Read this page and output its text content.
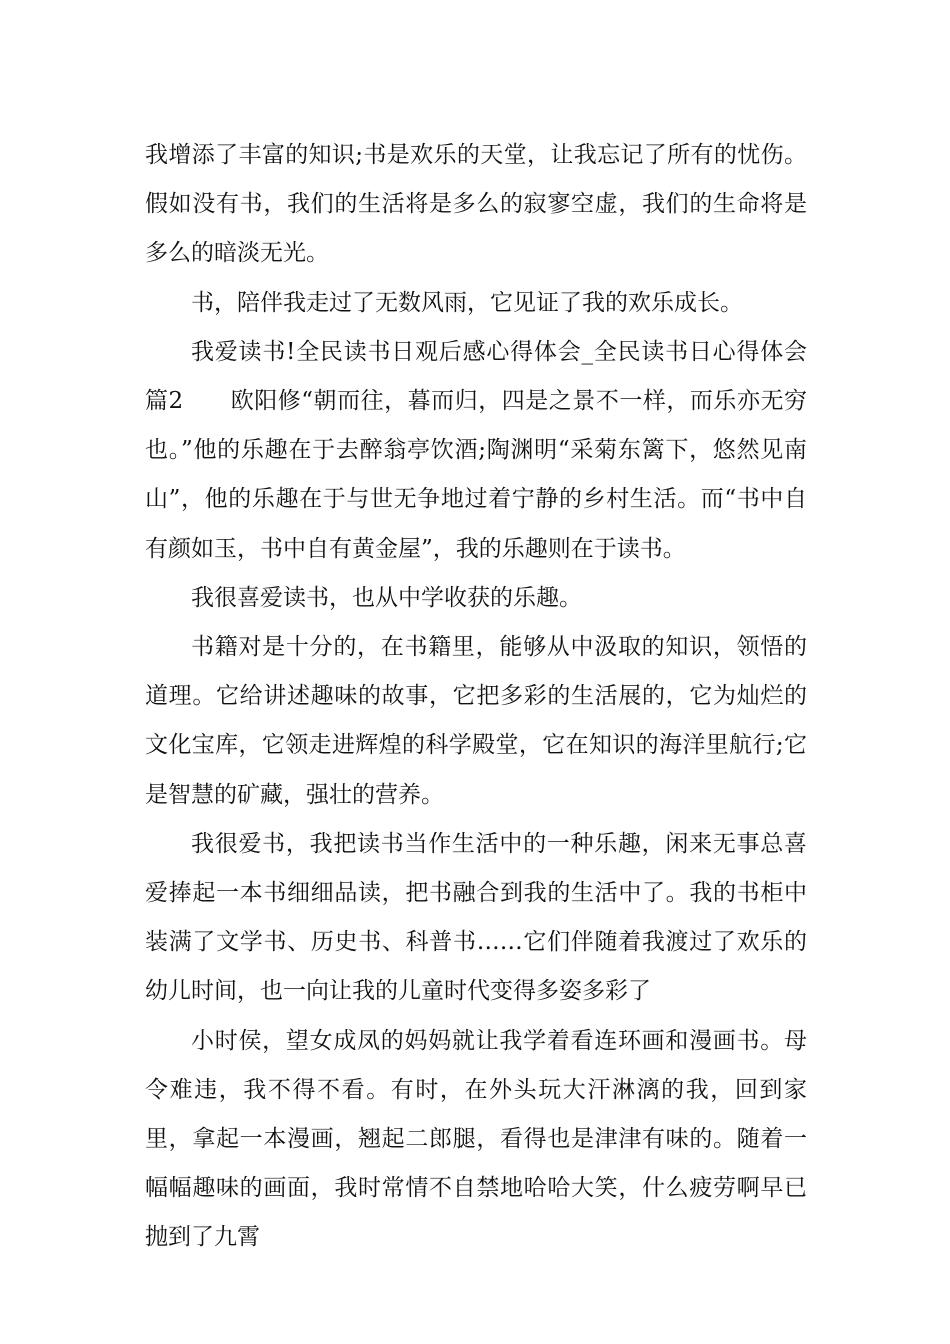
我增添了丰富的知识;书是欢乐的天堂，让我忘记了所有的忧伤。假如没有书，我们的生活将是多么的寂寥空虚，我们的生命将是多么的暗淡无光。

书，陪伴我走过了无数风雨，它见证了我的欢乐成长。

我爱读书!全民读书日观后感心得体会_全民读书日心得体会 篇2　　欧阳修“朝而往，暮而归，四是之景不一样，而乐亦无穷也。”他的乐趣在于去醉翁亭饮酒;陶渊明“采菊东篱下，悠然见南山”，他的乐趣在于与世无争地过着宁静的乡村生活。而“书中自有颜如玉，书中自有黄金屋”，我的乐趣则在于读书。

我很喜爱读书，也从中学收获的乐趣。

书籍对是十分的，在书籍里，能够从中汲取的知识，领悟的道理。它给讲述趣味的故事，它把多彩的生活展的，它为灿烂的文化宝库，它领走进辉煌的科学殿堂，它在知识的海洋里航行;它是智慧的矿藏，强壮的营养。

我很爱书，我把读书当作生活中的一种乐趣，闲来无事总喜爱捧起一本书细细品读，把书融合到我的生活中了。我的书柜中装满了文学书、历史书、科普书……它们伴随着我渡过了欢乐的幼儿时间，也一向让我的儿童时代变得多姿多彩了

小时侯，望女成凤的妈妈就让我学着看连环画和漫画书。母令难违，我不得不看。有时，在外头玩大汗淋漓的我，回到家里，拿起一本漫画，翘起二郎腿，看得也是津津有味的。随着一幅幅趣味的画面，我时常情不自禁地哈哈大笑，什么疲劳啊早已抛到了九霄
